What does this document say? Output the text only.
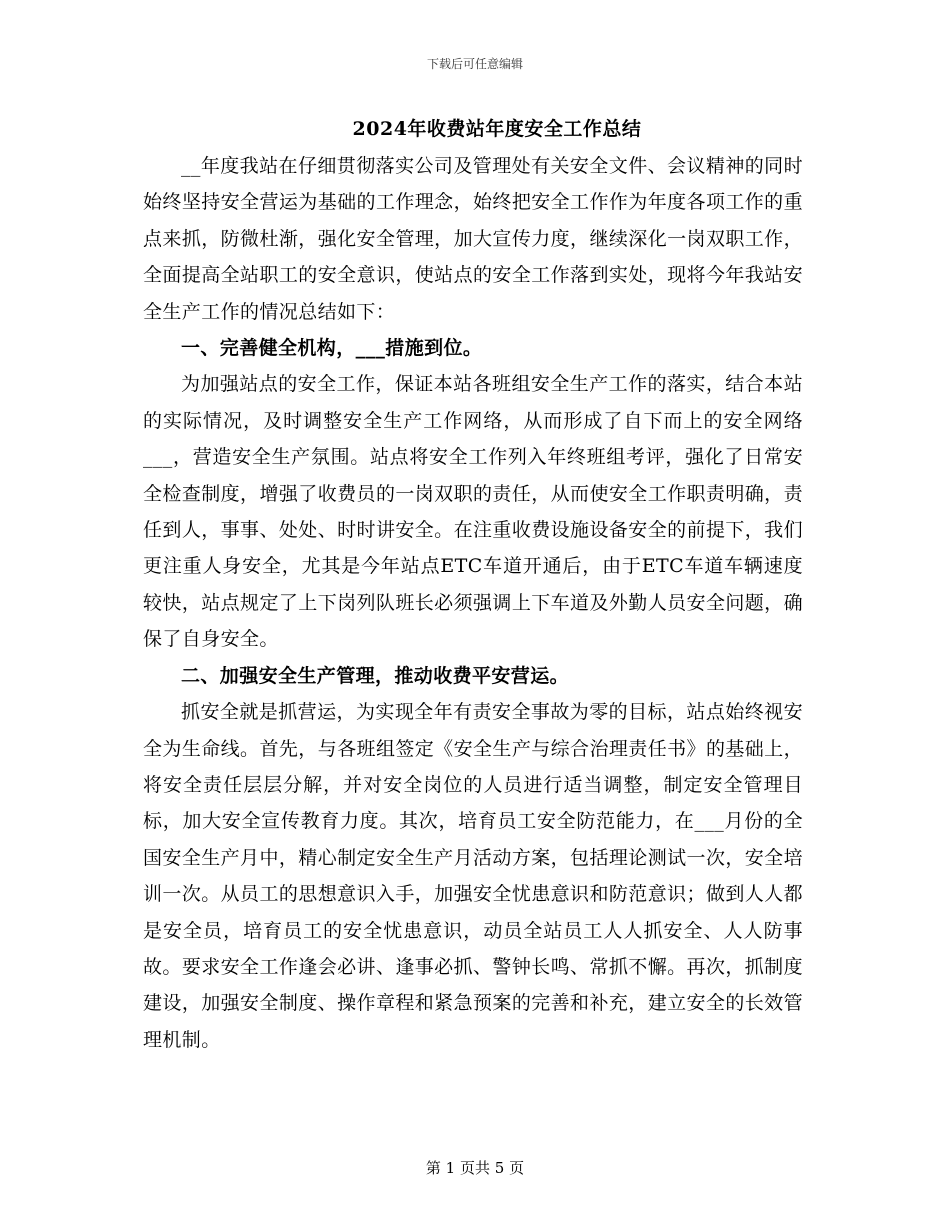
下载后可任意编辑
2024年收费站年度安全工作总结

__年度我站在仔细贯彻落实公司及管理处有关安全文件、会议精神的同时始终坚持安全营运为基础的工作理念，始终把安全工作作为年度各项工作的重点来抓，防微杜渐，强化安全管理，加大宣传力度，继续深化一岗双职工作，全面提高全站职工的安全意识，使站点的安全工作落到实处，现将今年我站安全生产工作的情况总结如下：

一、完善健全机构，___措施到位。

为加强站点的安全工作，保证本站各班组安全生产工作的落实，结合本站的实际情况，及时调整安全生产工作网络，从而形成了自下而上的安全网络___，营造安全生产氛围。站点将安全工作列入年终班组考评，强化了日常安全检查制度，增强了收费员的一岗双职的责任，从而使安全工作职责明确，责任到人，事事、处处、时时讲安全。在注重收费设施设备安全的前提下，我们更注重人身安全，尤其是今年站点ETC车道开通后，由于ETC车道车辆速度较快，站点规定了上下岗列队班长必须强调上下车道及外勤人员安全问题，确保了自身安全。

二、加强安全生产管理，推动收费平安营运。

抓安全就是抓营运，为实现全年有责安全事故为零的目标，站点始终视安全为生命线。首先，与各班组签定《安全生产与综合治理责任书》的基础上，将安全责任层层分解，并对安全岗位的人员进行适当调整，制定安全管理目标，加大安全宣传教育力度。其次，培育员工安全防范能力，在___月份的全国安全生产月中，精心制定安全生产月活动方案，包括理论测试一次，安全培训一次。从员工的思想意识入手，加强安全忧患意识和防范意识；做到人人都是安全员，培育员工的安全忧患意识，动员全站员工人人抓安全、人人防事故。要求安全工作逢会必讲、逢事必抓、警钟长鸣、常抓不懈。再次，抓制度建设，加强安全制度、操作章程和紧急预案的完善和补充，建立安全的长效管理机制。

第 1 页共 5 页
